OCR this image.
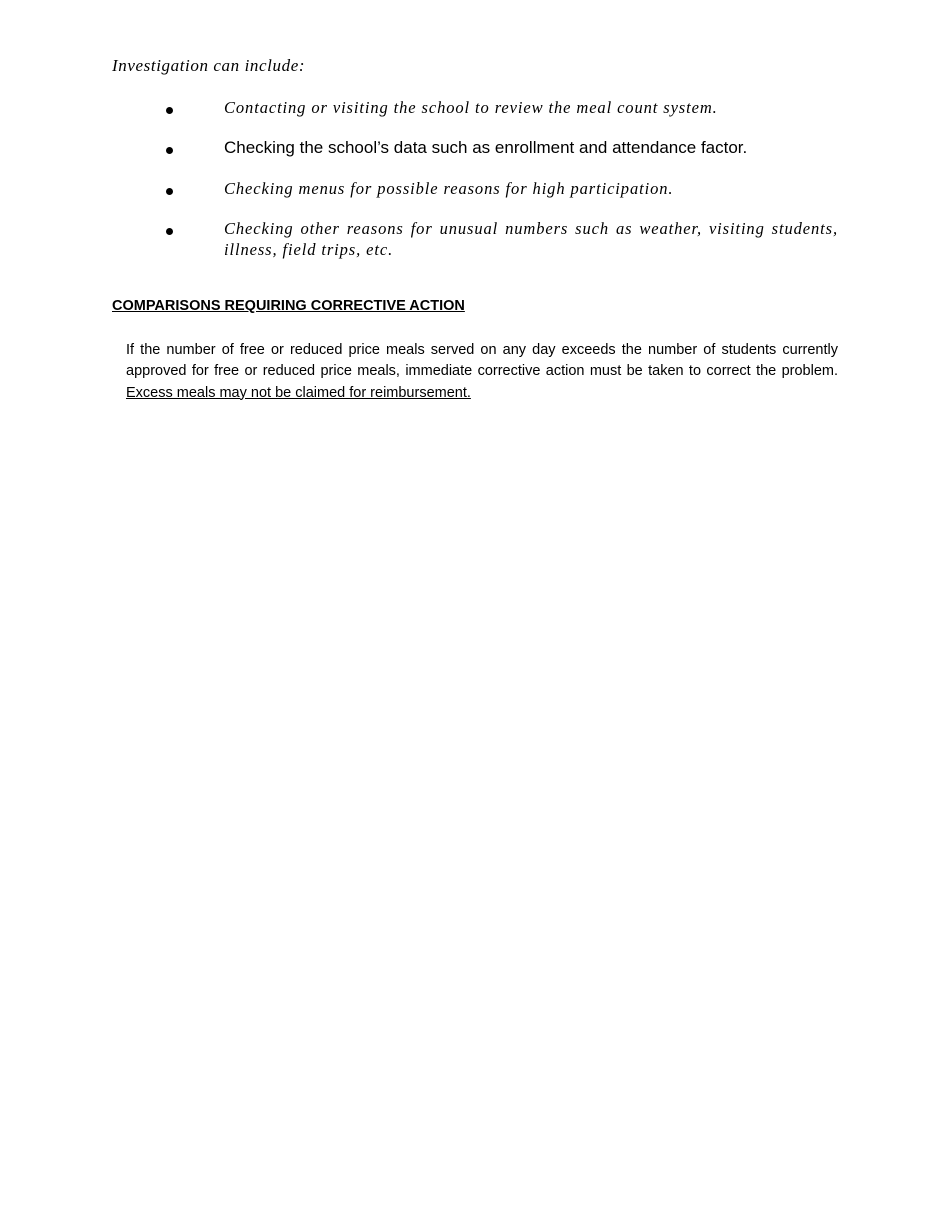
Investigation can include:
Contacting or visiting the school to review the meal count system.
Checking the school’s data such as enrollment and attendance factor.
Checking menus for possible reasons for high participation.
Checking other reasons for unusual numbers such as weather, visiting students, illness, field trips, etc.
COMPARISONS REQUIRING CORRECTIVE ACTION
If the number of free or reduced price meals served on any day exceeds the number of students currently approved for free or reduced price meals, immediate corrective action must be taken to correct the problem. Excess meals may not be claimed for reimbursement.
